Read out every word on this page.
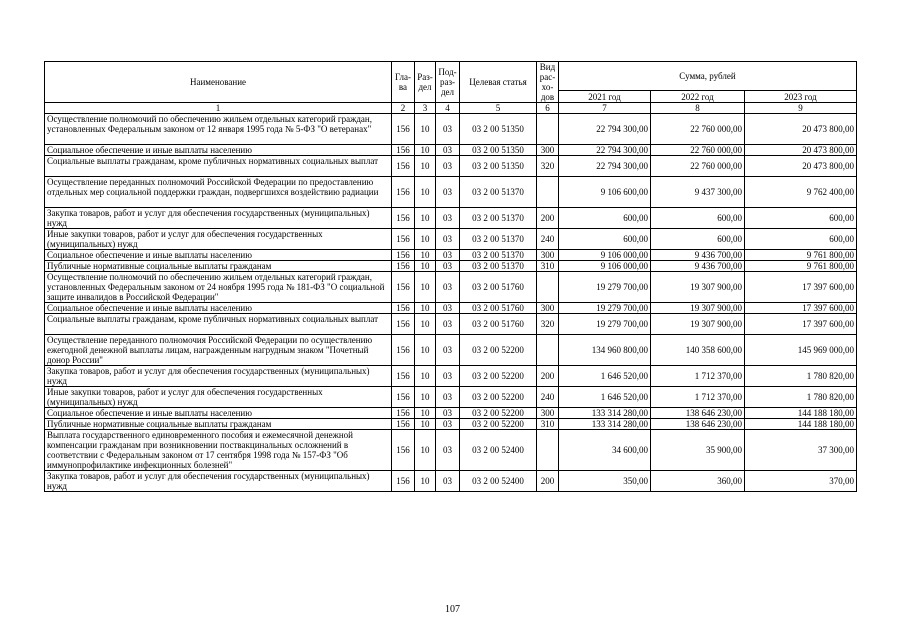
Наименование	Гла-ва	Раз-дел	Под-раз-дел	Целевая статья	Вид рас-хо-дов	Сумма, рублей		
						2021 год	2022 год	2023 год
1	2	3	4	5	6	7	8	9
Осуществление полномочий по обеспечению жильем отдельных категорий граждан, установленных Федеральным законом от 12 января 1995 года № 5-ФЗ "О ветеранах"	156	10	03	03 2 00 51350		22 794 300,00	22 760 000,00	20 473 800,00
Социальное обеспечение и иные выплаты населению	156	10	03	03 2 00 51350	300	22 794 300,00	22 760 000,00	20 473 800,00
Социальные выплаты гражданам, кроме публичных нормативных социальных выплат	156	10	03	03 2 00 51350	320	22 794 300,00	22 760 000,00	20 473 800,00
Осуществление переданных полномочий Российской Федерации по предоставлению отдельных мер социальной поддержки граждан, подвергшихся воздействию радиации	156	10	03	03 2 00 51370		9 106 600,00	9 437 300,00	9 762 400,00
Закупка товаров, работ и услуг для обеспечения государственных (муниципальных) нужд	156	10	03	03 2 00 51370	200	600,00	600,00	600,00
Иные закупки товаров, работ и услуг для обеспечения государственных (муниципальных) нужд	156	10	03	03 2 00 51370	240	600,00	600,00	600,00
Социальное обеспечение и иные выплаты населению	156	10	03	03 2 00 51370	300	9 106 000,00	9 436 700,00	9 761 800,00
Публичные нормативные социальные выплаты гражданам	156	10	03	03 2 00 51370	310	9 106 000,00	9 436 700,00	9 761 800,00
Осуществление полномочий по обеспечению жильем отдельных категорий граждан, установленных Федеральным законом от 24 ноября 1995 года № 181-ФЗ "О социальной защите инвалидов в Российской Федерации"	156	10	03	03 2 00 51760		19 279 700,00	19 307 900,00	17 397 600,00
Социальное обеспечение и иные выплаты населению	156	10	03	03 2 00 51760	300	19 279 700,00	19 307 900,00	17 397 600,00
Социальные выплаты гражданам, кроме публичных нормативных социальных выплат	156	10	03	03 2 00 51760	320	19 279 700,00	19 307 900,00	17 397 600,00
Осуществление переданного полномочия Российской Федерации по осуществлению ежегодной денежной выплаты лицам, награжденным нагрудным знаком "Почетный донор России"	156	10	03	03 2 00 52200		134 960 800,00	140 358 600,00	145 969 000,00
Закупка товаров, работ и услуг для обеспечения государственных (муниципальных) нужд	156	10	03	03 2 00 52200	200	1 646 520,00	1 712 370,00	1 780 820,00
Иные закупки товаров, работ и услуг для обеспечения государственных (муниципальных) нужд	156	10	03	03 2 00 52200	240	1 646 520,00	1 712 370,00	1 780 820,00
Социальное обеспечение и иные выплаты населению	156	10	03	03 2 00 52200	300	133 314 280,00	138 646 230,00	144 188 180,00
Публичные нормативные социальные выплаты гражданам	156	10	03	03 2 00 52200	310	133 314 280,00	138 646 230,00	144 188 180,00
Выплата государственного единовременного пособия и ежемесячной денежной компенсации гражданам при возникновении поствакцинальных осложнений в соответствии с Федеральным законом от 17 сентября 1998 года № 157-ФЗ "Об иммунопрофилактике инфекционных болезней"	156	10	03	03 2 00 52400		34 600,00	35 900,00	37 300,00
Закупка товаров, работ и услуг для обеспечения государственных (муниципальных) нужд	156	10	03	03 2 00 52400	200	350,00	360,00	370,00
107
